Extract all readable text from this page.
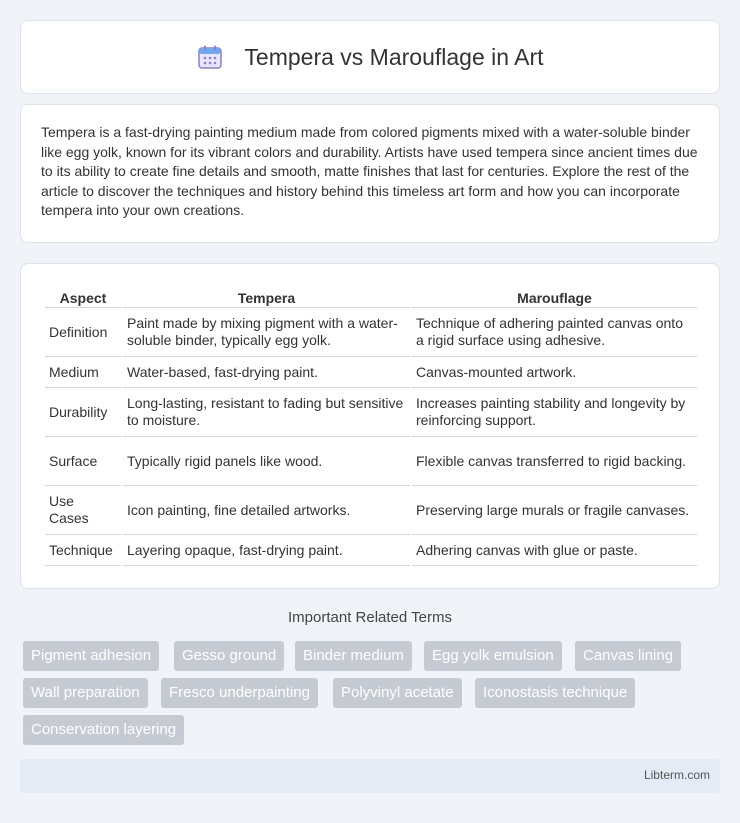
Tempera vs Marouflage in Art

Tempera is a fast-drying painting medium made from colored pigments mixed with a water-soluble binder like egg yolk, known for its vibrant colors and durability. Artists have used tempera since ancient times due to its ability to create fine details and smooth, matte finishes that last for centuries. Explore the rest of the article to discover the techniques and history behind this timeless art form and how you can incorporate tempera into your own creations.

Aspect	Tempera	Marouflage
Definition	Paint made by mixing pigment with a water-soluble binder, typically egg yolk.	Technique of adhering painted canvas onto a rigid surface using adhesive.
Medium	Water-based, fast-drying paint.	Canvas-mounted artwork.
Durability	Long-lasting, resistant to fading but sensitive to moisture.	Increases painting stability and longevity by reinforcing support.
Surface	Typically rigid panels like wood.	Flexible canvas transferred to rigid backing.
Use Cases	Icon painting, fine detailed artworks.	Preserving large murals or fragile canvases.
Technique	Layering opaque, fast-drying paint.	Adhering canvas with glue or paste.
Important Related Terms
Pigment adhesion	Gesso ground	Binder medium	Egg yolk emulsion	Canvas lining
Wall preparation	Fresco underpainting	Polyvinyl acetate	Iconostasis technique
Conservation layering
Libterm.com
